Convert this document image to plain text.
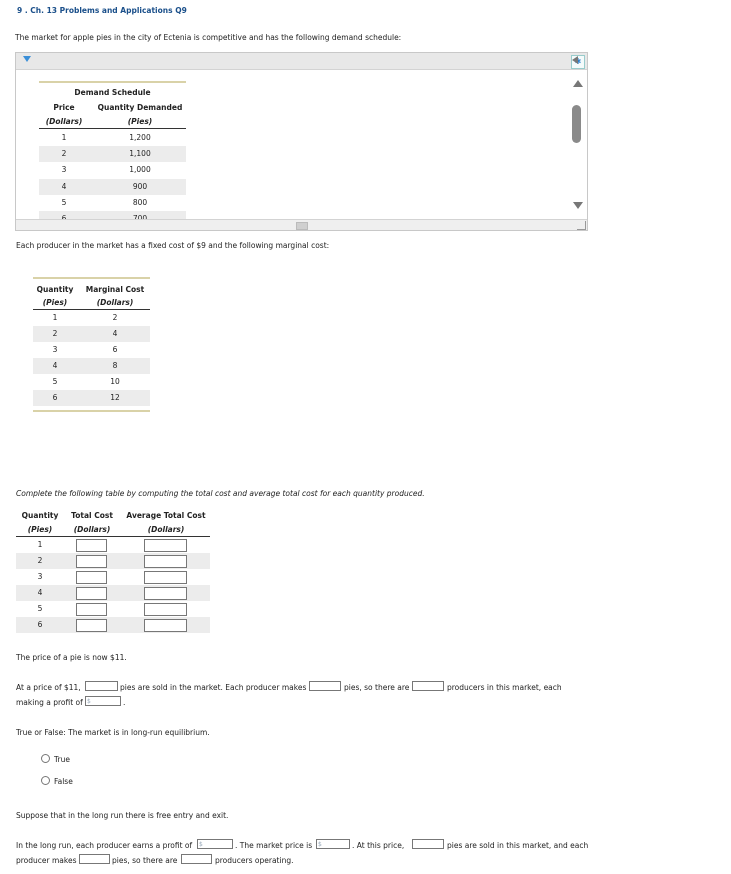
9 . Ch. 13 Problems and Applications Q9
The market for apple pies in the city of Ectenia is competitive and has the following demand schedule:
✱
Demand Schedule
Price	Quantity Demanded
(Dollars)	(Pies)
1	1,200
2	1,100
3	1,000
4	900
5	800
Each producer in the market has a fixed cost of $9 and the following marginal cost:
Quantity	Marginal Cost
(Pies)	(Dollars)
1	2
2	4
3	6
4	8
5	10
6	12
Complete the following table by computing the total cost and average total cost for each quantity produced.
Quantity	Total Cost	Average Total Cost
(Pies)	(Dollars)	(Dollars)
1
2
3
4
5
6
The price of a pie is now $11.
At a price of $11,	pies are sold in the market. Each producer makes	pies, so there are	producers in this market, each
making a profit of $	.
True or False: The market is in long-run equilibrium.
True
False
Suppose that in the long run there is free entry and exit.
In the long run, each producer earns a profit of	$	. The market price is $	. At this price,	pies are sold in this market, and each
producer makes	pies, so there are	producers operating.
